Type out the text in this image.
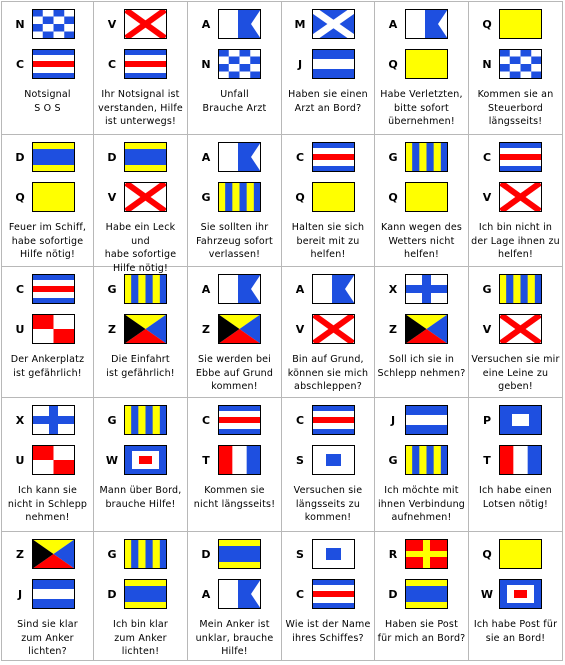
N
C
Notsignal
S O S
V
C
Ihr Notsignal ist
verstanden, Hilfe
ist unterwegs!
A
N
Unfall
Brauche Arzt
M
J
Haben sie einen
Arzt an Bord?
A
Q
Habe Verletzten,
bitte sofort
übernehmen!
Q
N
Kommen sie an
Steuerbord
längsseits!
D
Q
Feuer im Schiff,
habe sofortige
Hilfe nötig!
D
V
Habe ein Leck und
habe sofortige
Hilfe nötig!
A
G
Sie sollten ihr
Fahrzeug sofort
verlassen!
C
Q
Halten sie sich
bereit mit zu
helfen!
G
Q
Kann wegen des
Wetters nicht
helfen!
C
V
Ich bin nicht in
der Lage ihnen zu
helfen!
C
U
Der Ankerplatz
ist gefährlich!
G
Z
Die Einfahrt
ist gefährlich!
A
Z
Sie werden bei
Ebbe auf Grund
kommen!
A
V
Bin auf Grund,
können sie mich
abschleppen?
X
Z
Soll ich sie in
Schlepp nehmen?
G
V
Versuchen sie mir
eine Leine zu
geben!
X
U
Ich kann sie
nicht in Schlepp
nehmen!
G
W
Mann über Bord,
brauche Hilfe!
C
T
Kommen sie
nicht längsseits!
C
S
Versuchen sie
längsseits zu
kommen!
J
G
Ich möchte mit
ihnen Verbindung
aufnehmen!
P
T
Ich habe einen
Lotsen nötig!
Z
J
Sind sie klar
zum Anker
lichten?
G
D
Ich bin klar
zum Anker
lichten!
D
A
Mein Anker ist
unklar, brauche
Hilfe!
S
C
Wie ist der Name
ihres Schiffes?
R
D
Haben sie Post
für mich an Bord?
Q
W
Ich habe Post für
sie an Bord!
